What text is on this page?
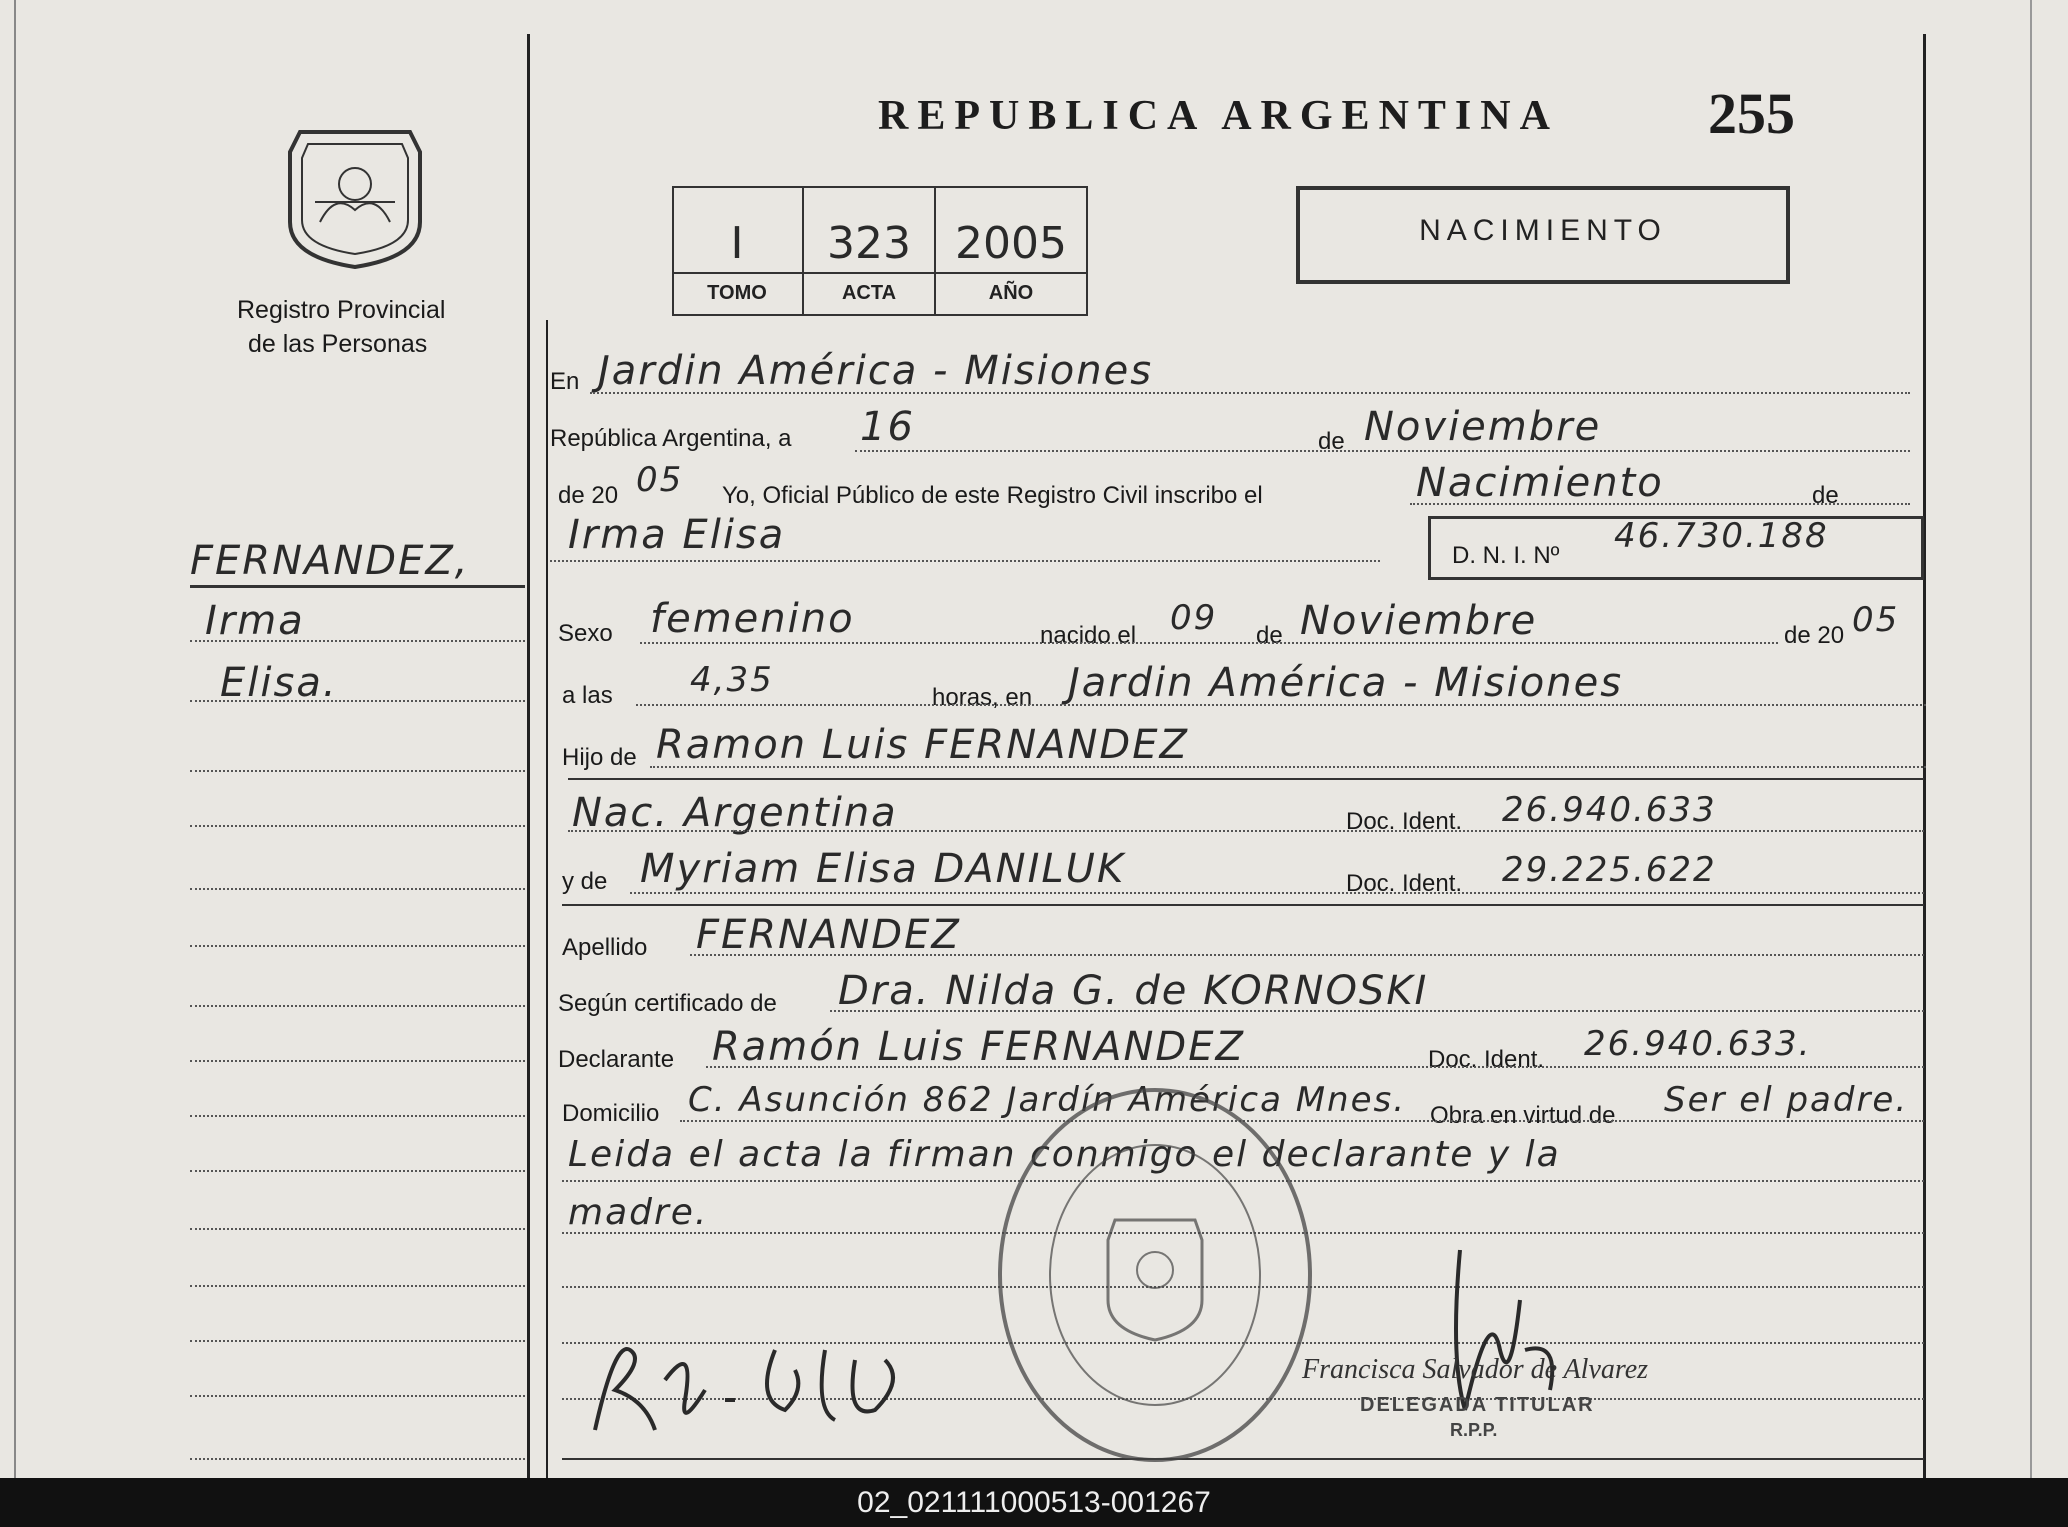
Registro Provincial
de las Personas
FERNANDEZ,
Irma
Elisa.
REPUBLICA ARGENTINA	255
I	323	2005
TOMO	ACTA	AÑO
NACIMIENTO
En Jardin América - Misiones
República Argentina, a 16	de Noviembre
de 20 05 Yo, Oficial Público de este Registro Civil inscribo el	Nacimiento	de
Irma Elisa	D. N. I. Nº 46.730.188
Sexo femenino	nacido el 09 de Noviembre	de 20 05
a las 4,35	horas, en Jardin América - Misiones
Hijo de Ramon Luis FERNANDEZ
Nac. Argentina	Doc. Ident. 26.940.633
y de Myriam Elisa DANILUK	Doc. Ident. 29.225.622
Apellido FERNANDEZ
Según certificado de Dra. Nilda G. de KORNOSKI
Declarante Ramón Luis FERNANDEZ	Doc. Ident. 26.940.633.
Domicilio C. Asunción 862 Jardín América Mnes. Obra en virtud de Ser el padre.
Leida el acta la firman conmigo el declarante y la
madre.
Francisca Salvador de Alvarez
DELEGADA TITULAR
R.P.P.
02_021111000513-001267
